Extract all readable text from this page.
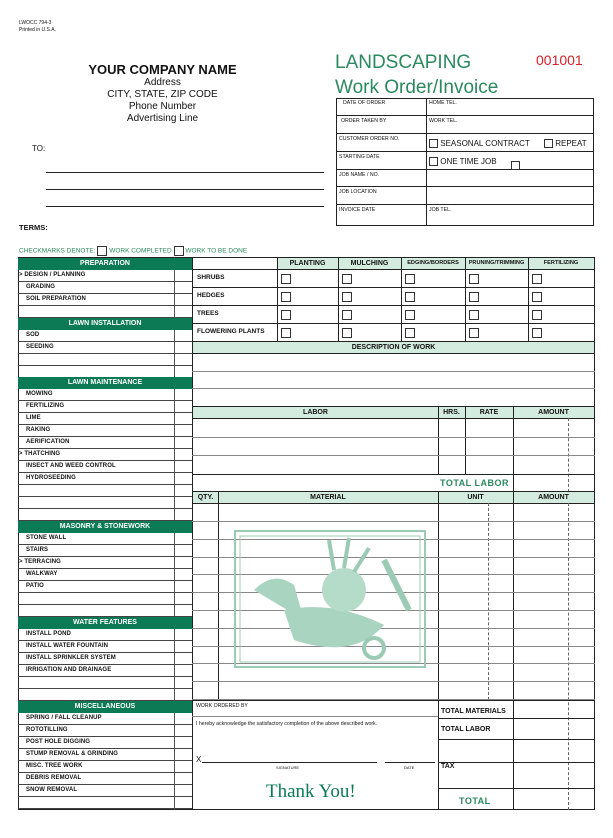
LWOCC 794-3
Printed in U.S.A.
YOUR COMPANY NAME
Address
CITY, STATE, ZIP CODE
Phone Number
Advertising Line
TO:
TERMS:
LANDSCAPING
Work Order/Invoice
001001
DATE OF ORDER	HOME TEL.
ORDER TAKEN BY	WORK TEL.
CUSTOMER ORDER NO.	SEASONAL CONTRACT	REPEAT
STARTING DATE	ONE TIME JOB
JOB NAME / NO.
JOB LOCATION
INVOICE DATE	JOB TEL.
CHECKMARKS DENOTE: WORK COMPLETED WORK TO BE DONE
PREPARATION
> DESIGN / PLANNING
GRADING
SOIL PREPARATION
LAWN INSTALLATION
SOD
SEEDING
LAWN MAINTENANCE
MOWING
FERTILIZING
LIME
RAKING
AERIFICATION
> THATCHING
INSECT AND WEED CONTROL
HYDROSEEDING
MASONRY & STONEWORK
STONE WALL
STAIRS
> TERRACING
WALKWAY
PATIO
WATER FEATURES
INSTALL POND
INSTALL WATER FOUNTAIN
INSTALL SPRINKLER SYSTEM
IRRIGATION AND DRAINAGE
MISCELLANEOUS
SPRING / FALL CLEANUP
ROTOTILLING
POST HOLE DIGGING
STUMP REMOVAL & GRINDING
MISC. TREE WORK
DEBRIS REMOVAL
SNOW REMOVAL
PLANTING	MULCHING	EDGING/BORDERS	PRUNING/TRIMMING	FERTILIZING
SHRUBS
HEDGES
TREES
FLOWERING PLANTS
DESCRIPTION OF WORK
LABOR	HRS.	RATE	AMOUNT
TOTAL LABOR
QTY.	MATERIAL	UNIT	AMOUNT
WORK ORDERED BY
I hereby acknowledge the satisfactory completion of the above described work.
X
SIGNATURE	DATE
Thank You!
TOTAL MATERIALS
TOTAL LABOR
TAX
TOTAL
